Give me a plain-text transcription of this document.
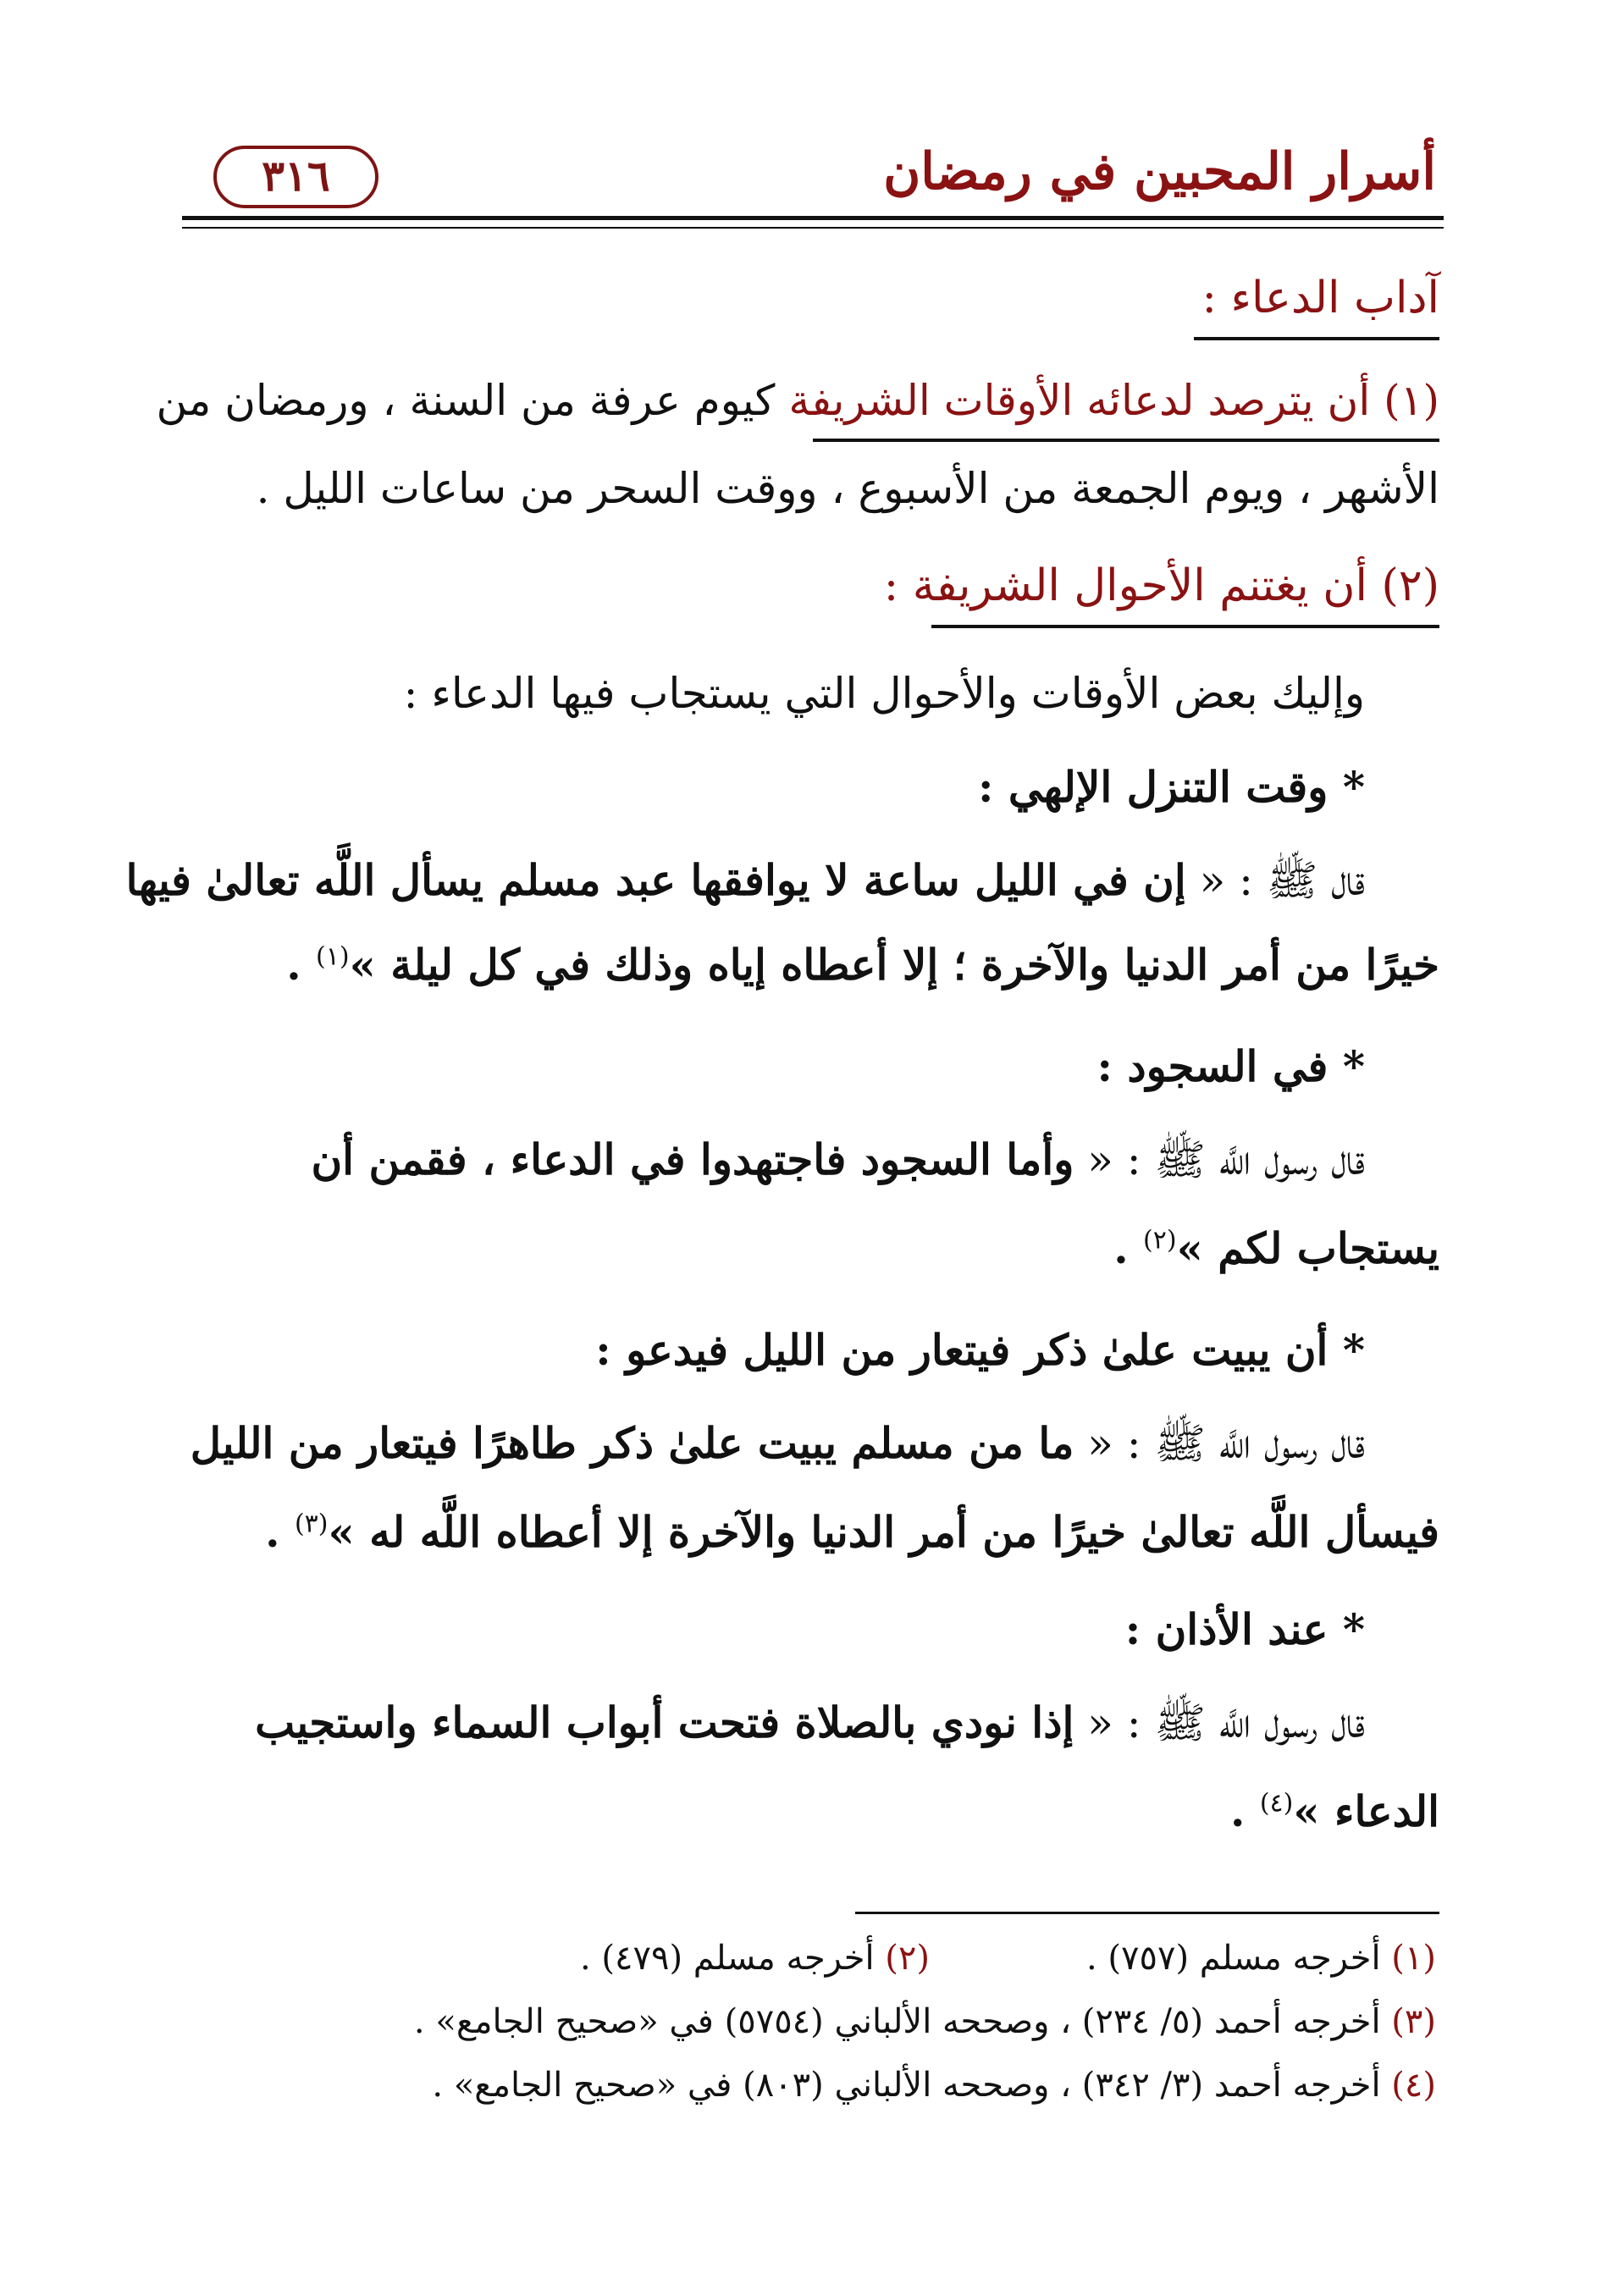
٣١٦	أسرار المحبين في رمضان
آداب الدعاء :
(١) أن يترصد لدعائه الأوقات الشريفة كيوم عرفة من السنة ، ورمضان من
الأشهر ، ويوم الجمعة من الأسبوع ، ووقت السحر من ساعات الليل .
(٢) أن يغتنم الأحوال الشريفة :
وإليك بعض الأوقات والأحوال التي يستجاب فيها الدعاء :
* وقت التنزل الإلهي :
قال ﷺ : « إن في الليل ساعة لا يوافقها عبد مسلم يسأل اللَّه تعالىٰ فيها
خيرًا من أمر الدنيا والآخرة ؛ إلا أعطاه إياه وذلك في كل ليلة »$^{(١)}$ .
* في السجود :
قال رسول اللَّه ﷺ : « وأما السجود فاجتهدوا في الدعاء ، فقمن أن
يستجاب لكم »$^{(٢)}$ .
* أن يبيت علىٰ ذكر فيتعار من الليل فيدعو :
قال رسول اللَّه ﷺ : « ما من مسلم يبيت علىٰ ذكر طاهرًا فيتعار من الليل
فيسأل اللَّه تعالىٰ خيرًا من أمر الدنيا والآخرة إلا أعطاه اللَّه له »$^{(٣)}$ .
* عند الأذان :
قال رسول اللَّه ﷺ : « إذا نودي بالصلاة فتحت أبواب السماء واستجيب
الدعاء »$^{(٤)}$ .
(١) أخرجه مسلم (٧٥٧) .
(٢) أخرجه مسلم (٤٧٩) .
(٣) أخرجه أحمد (٥/ ٢٣٤) ، وصححه الألباني (٥٧٥٤) في «صحيح الجامع» .
(٤) أخرجه أحمد (٣/ ٣٤٢) ، وصححه الألباني (٨٠٣) في «صحيح الجامع» .
